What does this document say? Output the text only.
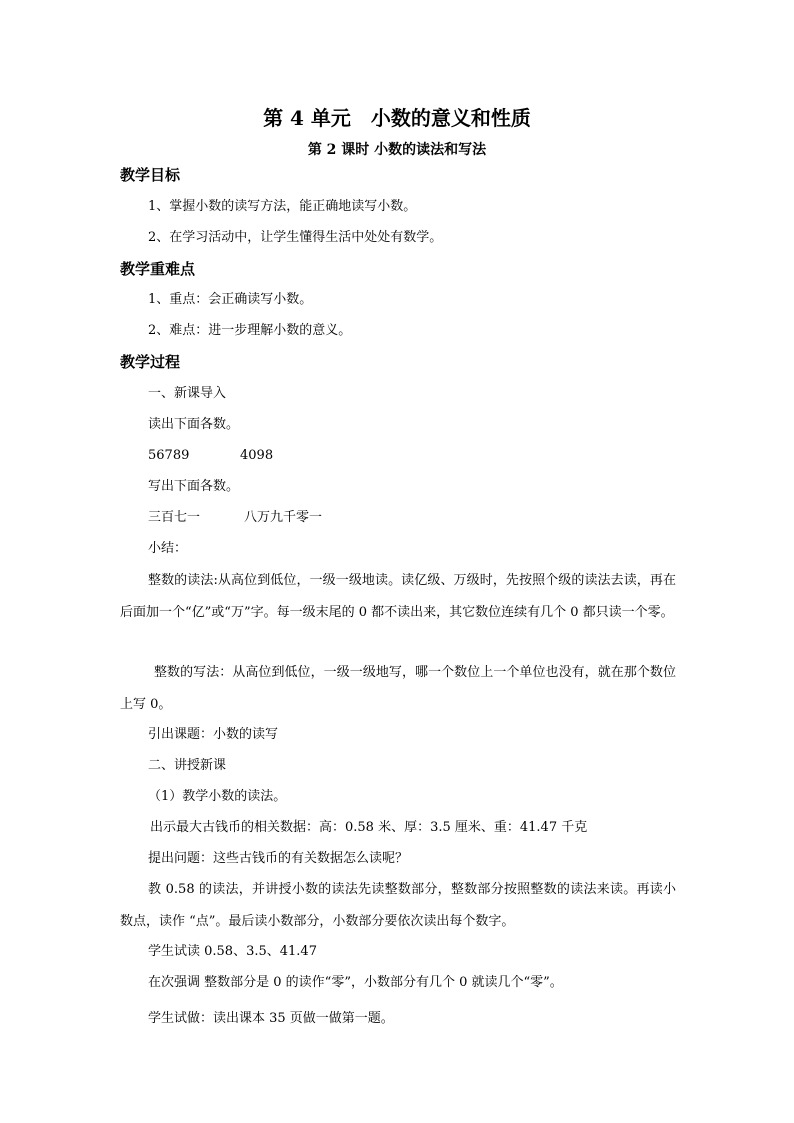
第 4 单元　小数的意义和性质
第 2 课时 小数的读法和写法
教学目标
1、掌握小数的读写方法，能正确地读写小数。
2、在学习活动中，让学生懂得生活中处处有数学。
教学重难点
1、重点：会正确读写小数。
2、难点：进一步理解小数的意义。
教学过程
一、新课导入
读出下面各数。
56789	4098
写出下面各数。
三百七一	八万九千零一
小结：
整数的读法:从高位到低位，一级一级地读。读亿级、万级时，先按照个级的读法去读，再在后面加一个“亿”或“万”字。每一级末尾的 0 都不读出来，其它数位连续有几个 0 都只读一个零。
整数的写法：从高位到低位，一级一级地写，哪一个数位上一个单位也没有，就在那个数位上写 0。
引出课题：小数的读写
二、讲授新课
（1）教学小数的读法。
出示最大古钱币的相关数据：高：0.58 米、厚：3.5 厘米、重：41.47 千克
提出问题：这些古钱币的有关数据怎么读呢？
教 0.58 的读法，并讲授小数的读法先读整数部分，整数部分按照整数的读法来读。再读小数点，读作 “点”。最后读小数部分，小数部分要依次读出每个数字。
学生试读 0.58、3.5、41.47
在次强调 整数部分是 0 的读作“零”，小数部分有几个 0 就读几个“零”。
学生试做：读出课本 35 页做一做第一题。
